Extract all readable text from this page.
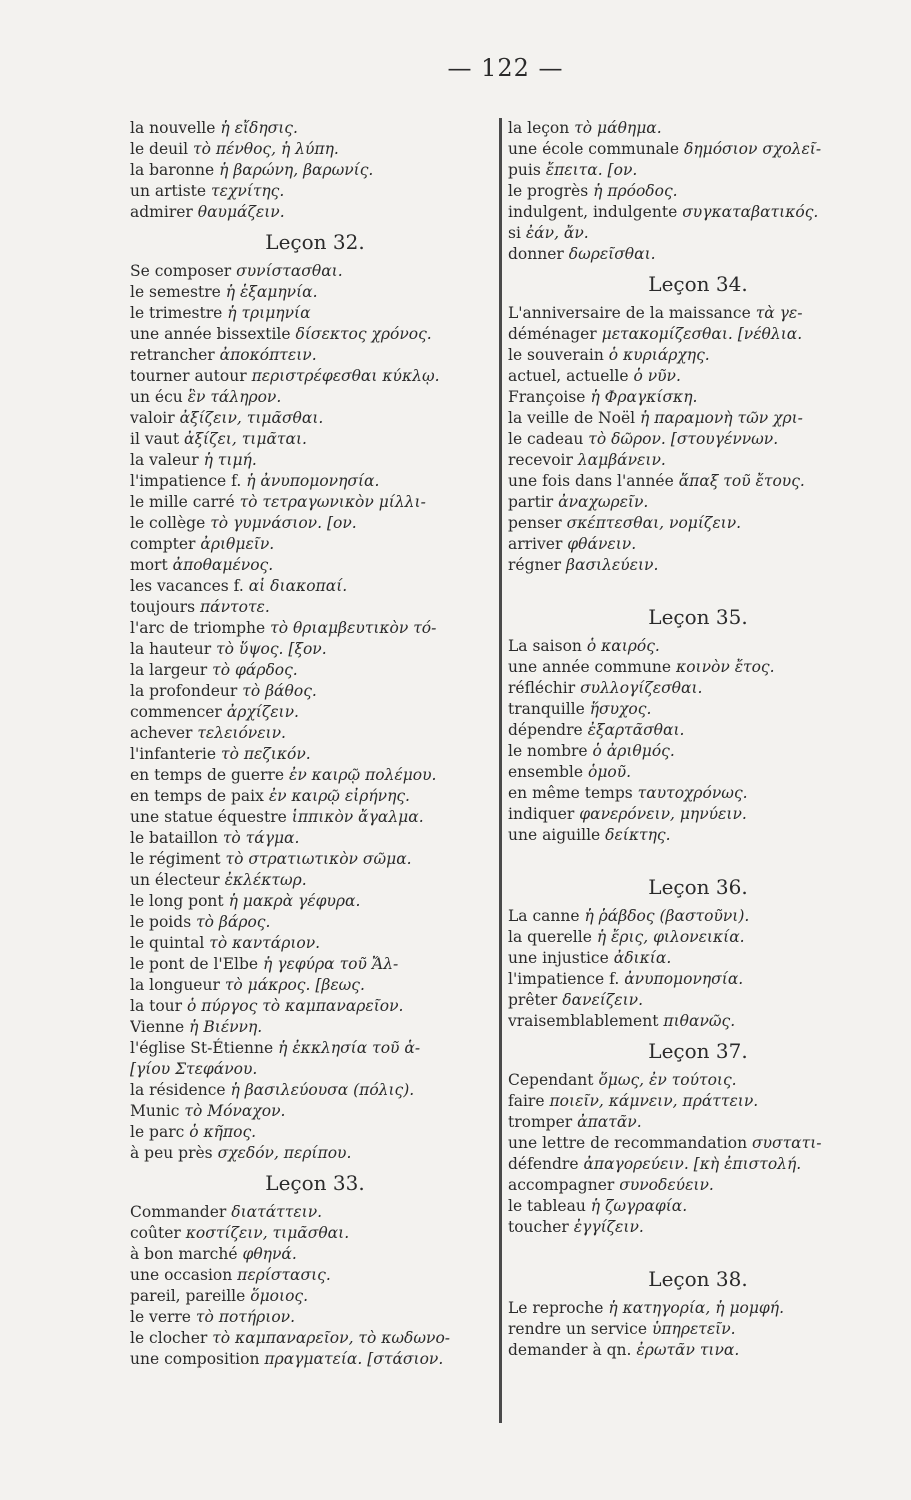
— 122 —
la nouvelle ἡ εἴδησις.
le deuil τὸ πένθος, ἡ λύπη.
la baronne ἡ βαρώνη, βαρωνίς.
un artiste τεχνίτης.
admirer θαυμάζειν.
Leçon 32.
Se composer συνίστασθαι.
le semestre ἡ ἑξαμηνία.
le trimestre ἡ τριμηνία
une année bissextile δίσεκτος χρόνος.
retrancher ἀποκόπτειν.
tourner autour περιστρέφεσθαι κύκλῳ.
un écu ἓν τάληρον.
valoir ἀξίζειν, τιμᾶσθαι.
il vaut ἀξίζει, τιμᾶται.
la valeur ἡ τιμή.
l'impatience f. ἡ ἀνυπομονησία.
le mille carré τὸ τετραγωνικὸν μίλλι-
le collège τὸ γυμνάσιον. [ον.
compter ἀριθμεῖν.
mort ἀποθαμένος.
les vacances f. αἱ διακοπαί.
toujours πάντοτε.
l'arc de triomphe τὸ θριαμβευτικὸν τό-
la hauteur τὸ ὕψος. [ξον.
la largeur τὸ φάρδος.
la profondeur τὸ βάθος.
commencer ἀρχίζειν.
achever τελειόνειν.
l'infanterie τὸ πεζικόν.
en temps de guerre ἐν καιρῷ πολέμου.
en temps de paix ἐν καιρῷ εἰρήνης.
une statue équestre ἱππικὸν ἄγαλμα.
le bataillon τὸ τάγμα.
le régiment τὸ στρατιωτικὸν σῶμα.
un électeur ἐκλέκτωρ.
le long pont ἡ μακρὰ γέφυρα.
le poids τὸ βάρος.
le quintal τὸ καντάριον.
le pont de l'Elbe ἡ γεφύρα τοῦ Ἄλ-
la longueur τὸ μάκρος. [βεως.
la tour ὁ πύργος τὸ καμπαναρεῖον.
Vienne ἡ Βιέννη.
l'église St-Étienne ἡ ἐκκλησία τοῦ ἁ-
[γίου Στεφάνου.
la résidence ἡ βασιλεύουσα (πόλις).
Munic τὸ Μόναχον.
le parc ὁ κῆπος.
à peu près σχεδόν, περίπου.
Leçon 33.
Commander διατάττειν.
coûter κοστίζειν, τιμᾶσθαι.
à bon marché φθηνά.
une occasion περίστασις.
pareil, pareille ὅμοιος.
le verre τὸ ποτήριον.
le clocher τὸ καμπαναρεῖον, τὸ κωδωνο-
une composition πραγματεία. [στάσιον.
la leçon τὸ μάθημα.
une école communale δημόσιον σχολεῖ-
puis ἔπειτα. [ον.
le progrès ἡ πρόοδος.
indulgent, indulgente συγκαταβατικός.
si ἐάν, ἄν.
donner δωρεῖσθαι.
Leçon 34.
L'anniversaire de la maissance τὰ γε-
déménager μετακομίζεσθαι. [νέθλια.
le souverain ὁ κυριάρχης.
actuel, actuelle ὁ νῦν.
Françoise ἡ Φραγκίσκη.
la veille de Noël ἡ παραμονὴ τῶν χρι-
le cadeau τὸ δῶρον. [στουγέννων.
recevoir λαμβάνειν.
une fois dans l'année ἅπαξ τοῦ ἔτους.
partir ἀναχωρεῖν.
penser σκέπτεσθαι, νομίζειν.
arriver φθάνειν.
régner βασιλεύειν.
Leçon 35.
La saison ὁ καιρός.
une année commune κοινὸν ἔτος.
réfléchir συλλογίζεσθαι.
tranquille ἥσυχος.
dépendre ἐξαρτᾶσθαι.
le nombre ὁ ἀριθμός.
ensemble ὁμοῦ.
en même temps ταυτοχρόνως.
indiquer φανερόνειν, μηνύειν.
une aiguille δείκτης.
Leçon 36.
La canne ἡ ῥάβδος (βαστοῦνι).
la querelle ἡ ἔρις, φιλονεικία.
une injustice ἀδικία.
l'impatience f. ἀνυπομονησία.
prêter δανείζειν.
vraisemblablement πιθανῶς.
Leçon 37.
Cependant ὅμως, ἐν τούτοις.
faire ποιεῖν, κάμνειν, πράττειν.
tromper ἀπατᾶν.
une lettre de recommandation συστατι-
défendre ἀπαγορεύειν. [κὴ ἐπιστολή.
accompagner συνοδεύειν.
le tableau ἡ ζωγραφία.
toucher ἐγγίζειν.
Leçon 38.
Le reproche ἡ κατηγορία, ἡ μομφή.
rendre un service ὑπηρετεῖν.
demander à qn. ἐρωτᾶν τινα.
